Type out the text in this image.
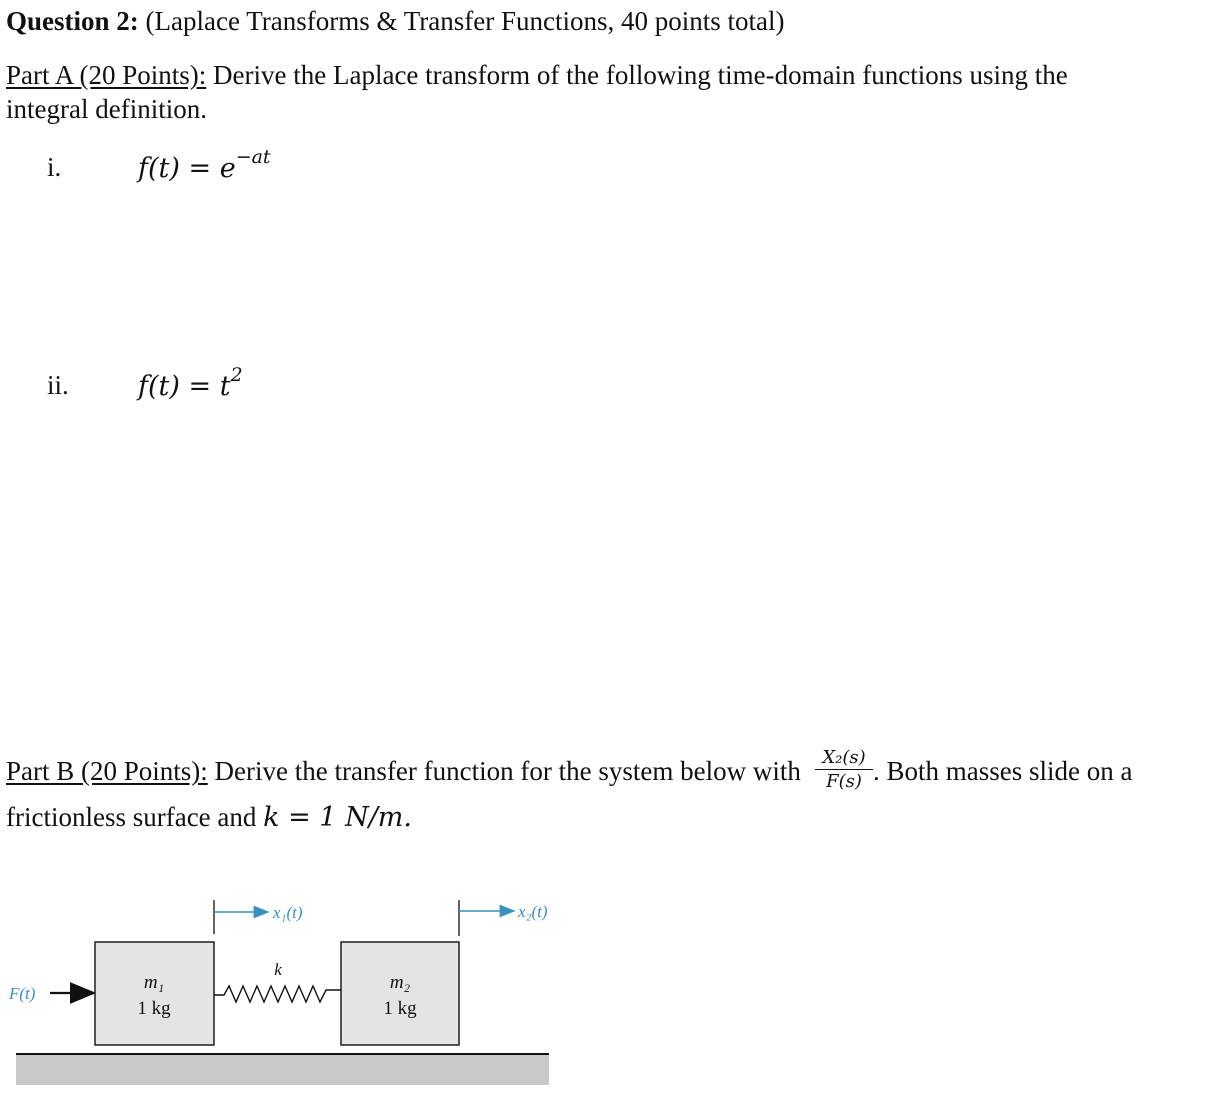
Question 2: (Laplace Transforms & Transfer Functions, 40 points total)
Part A (20 Points): Derive the Laplace transform of the following time-domain functions using the
integral definition.
i.	$f(t) = e^{-at}$
ii.	$f(t) = t^2$
Part B (20 Points): Derive the transfer function for the system below with $\frac{\text{X₂(s)}}{F(s)}$ . Both masses slide on a
frictionless surface and k = 1 N/m.
x₁(t)	x₂(t)
F(t)
m₁
1 kg
k
m₂
1 kg
